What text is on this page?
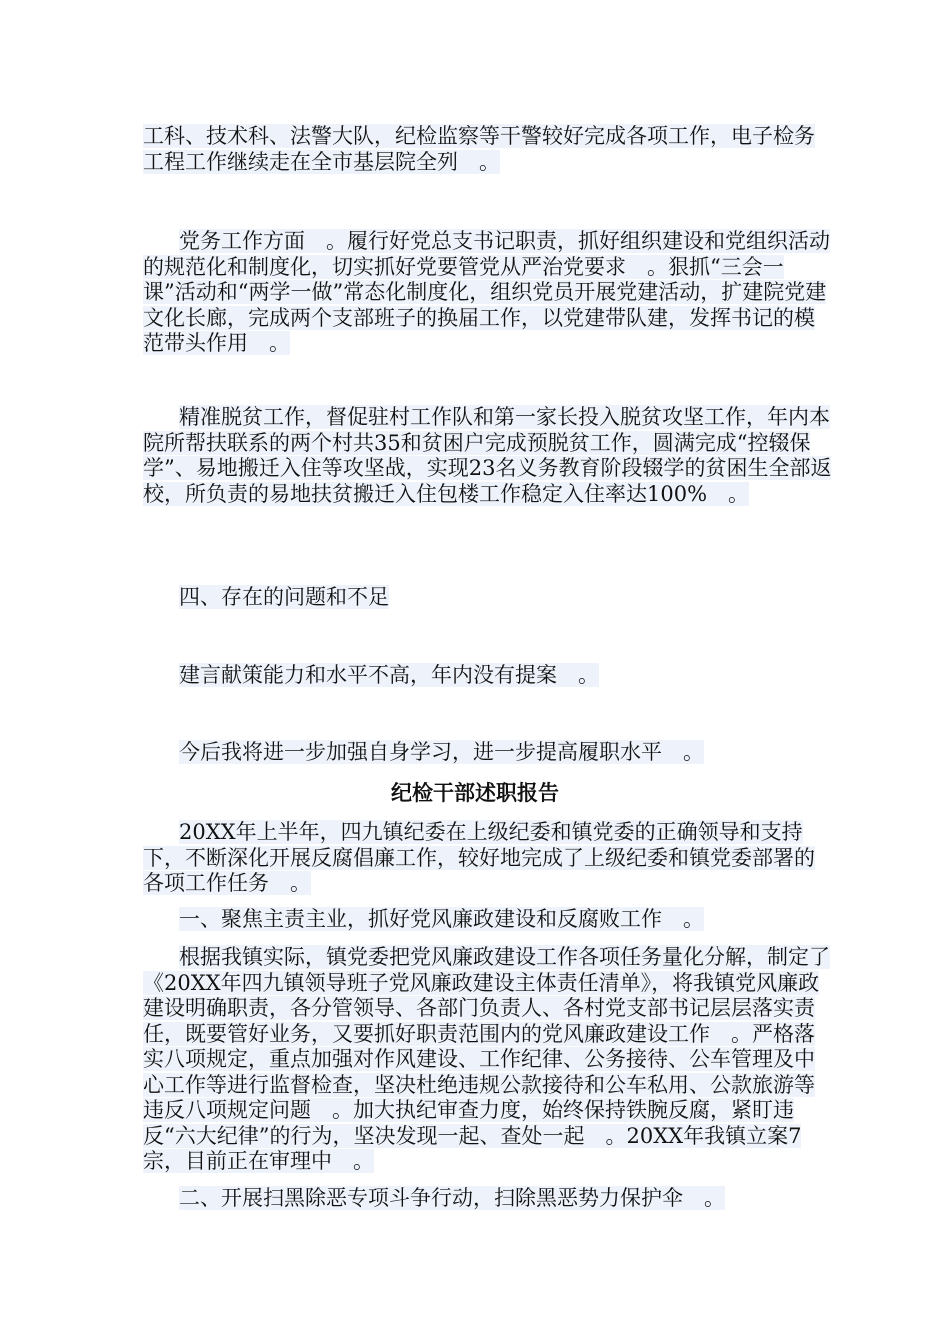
工科、技术科、法警大队，纪检监察等干警较好完成各项工作，电子检务工程工作继续走在全市基层院全列　。

党务工作方面　。履行好党总支书记职责，抓好组织建设和党组织活动的规范化和制度化，切实抓好党要管党从严治党要求　。狠抓“三会一课”活动和“两学一做”常态化制度化，组织党员开展党建活动，扩建院党建文化长廊，完成两个支部班子的换届工作，以党建带队建，发挥书记的模范带头作用　。

精准脱贫工作，督促驻村工作队和第一家长投入脱贫攻坚工作，年内本院所帮扶联系的两个村共35和贫困户完成预脱贫工作，圆满完成“控辍保学”、易地搬迁入住等攻坚战，实现23名义务教育阶段辍学的贫困生全部返校，所负责的易地扶贫搬迁入住包楼工作稳定入住率达100%　。

四、存在的问题和不足

建言献策能力和水平不高，年内没有提案　。

今后我将进一步加强自身学习，进一步提高履职水平　。

纪检干部述职报告

20XX年上半年，四九镇纪委在上级纪委和镇党委的正确领导和支持下，不断深化开展反腐倡廉工作，较好地完成了上级纪委和镇党委部署的各项工作任务　。

一、聚焦主责主业，抓好党风廉政建设和反腐败工作　。

根据我镇实际，镇党委把党风廉政建设工作各项任务量化分解，制定了《20XX年四九镇领导班子党风廉政建设主体责任清单》，将我镇党风廉政建设明确职责，各分管领导、各部门负责人、各村党支部书记层层落实责任，既要管好业务，又要抓好职责范围内的党风廉政建设工作　。严格落实八项规定，重点加强对作风建设、工作纪律、公务接待、公车管理及中心工作等进行监督检查，坚决杜绝违规公款接待和公车私用、公款旅游等违反八项规定问题　。加大执纪审查力度，始终保持铁腕反腐，紧盯违反“六大纪律”的行为，坚决发现一起、查处一起　。20XX年我镇立案7宗，目前正在审理中　。

二、开展扫黑除恶专项斗争行动，扫除黑恶势力保护伞　。
